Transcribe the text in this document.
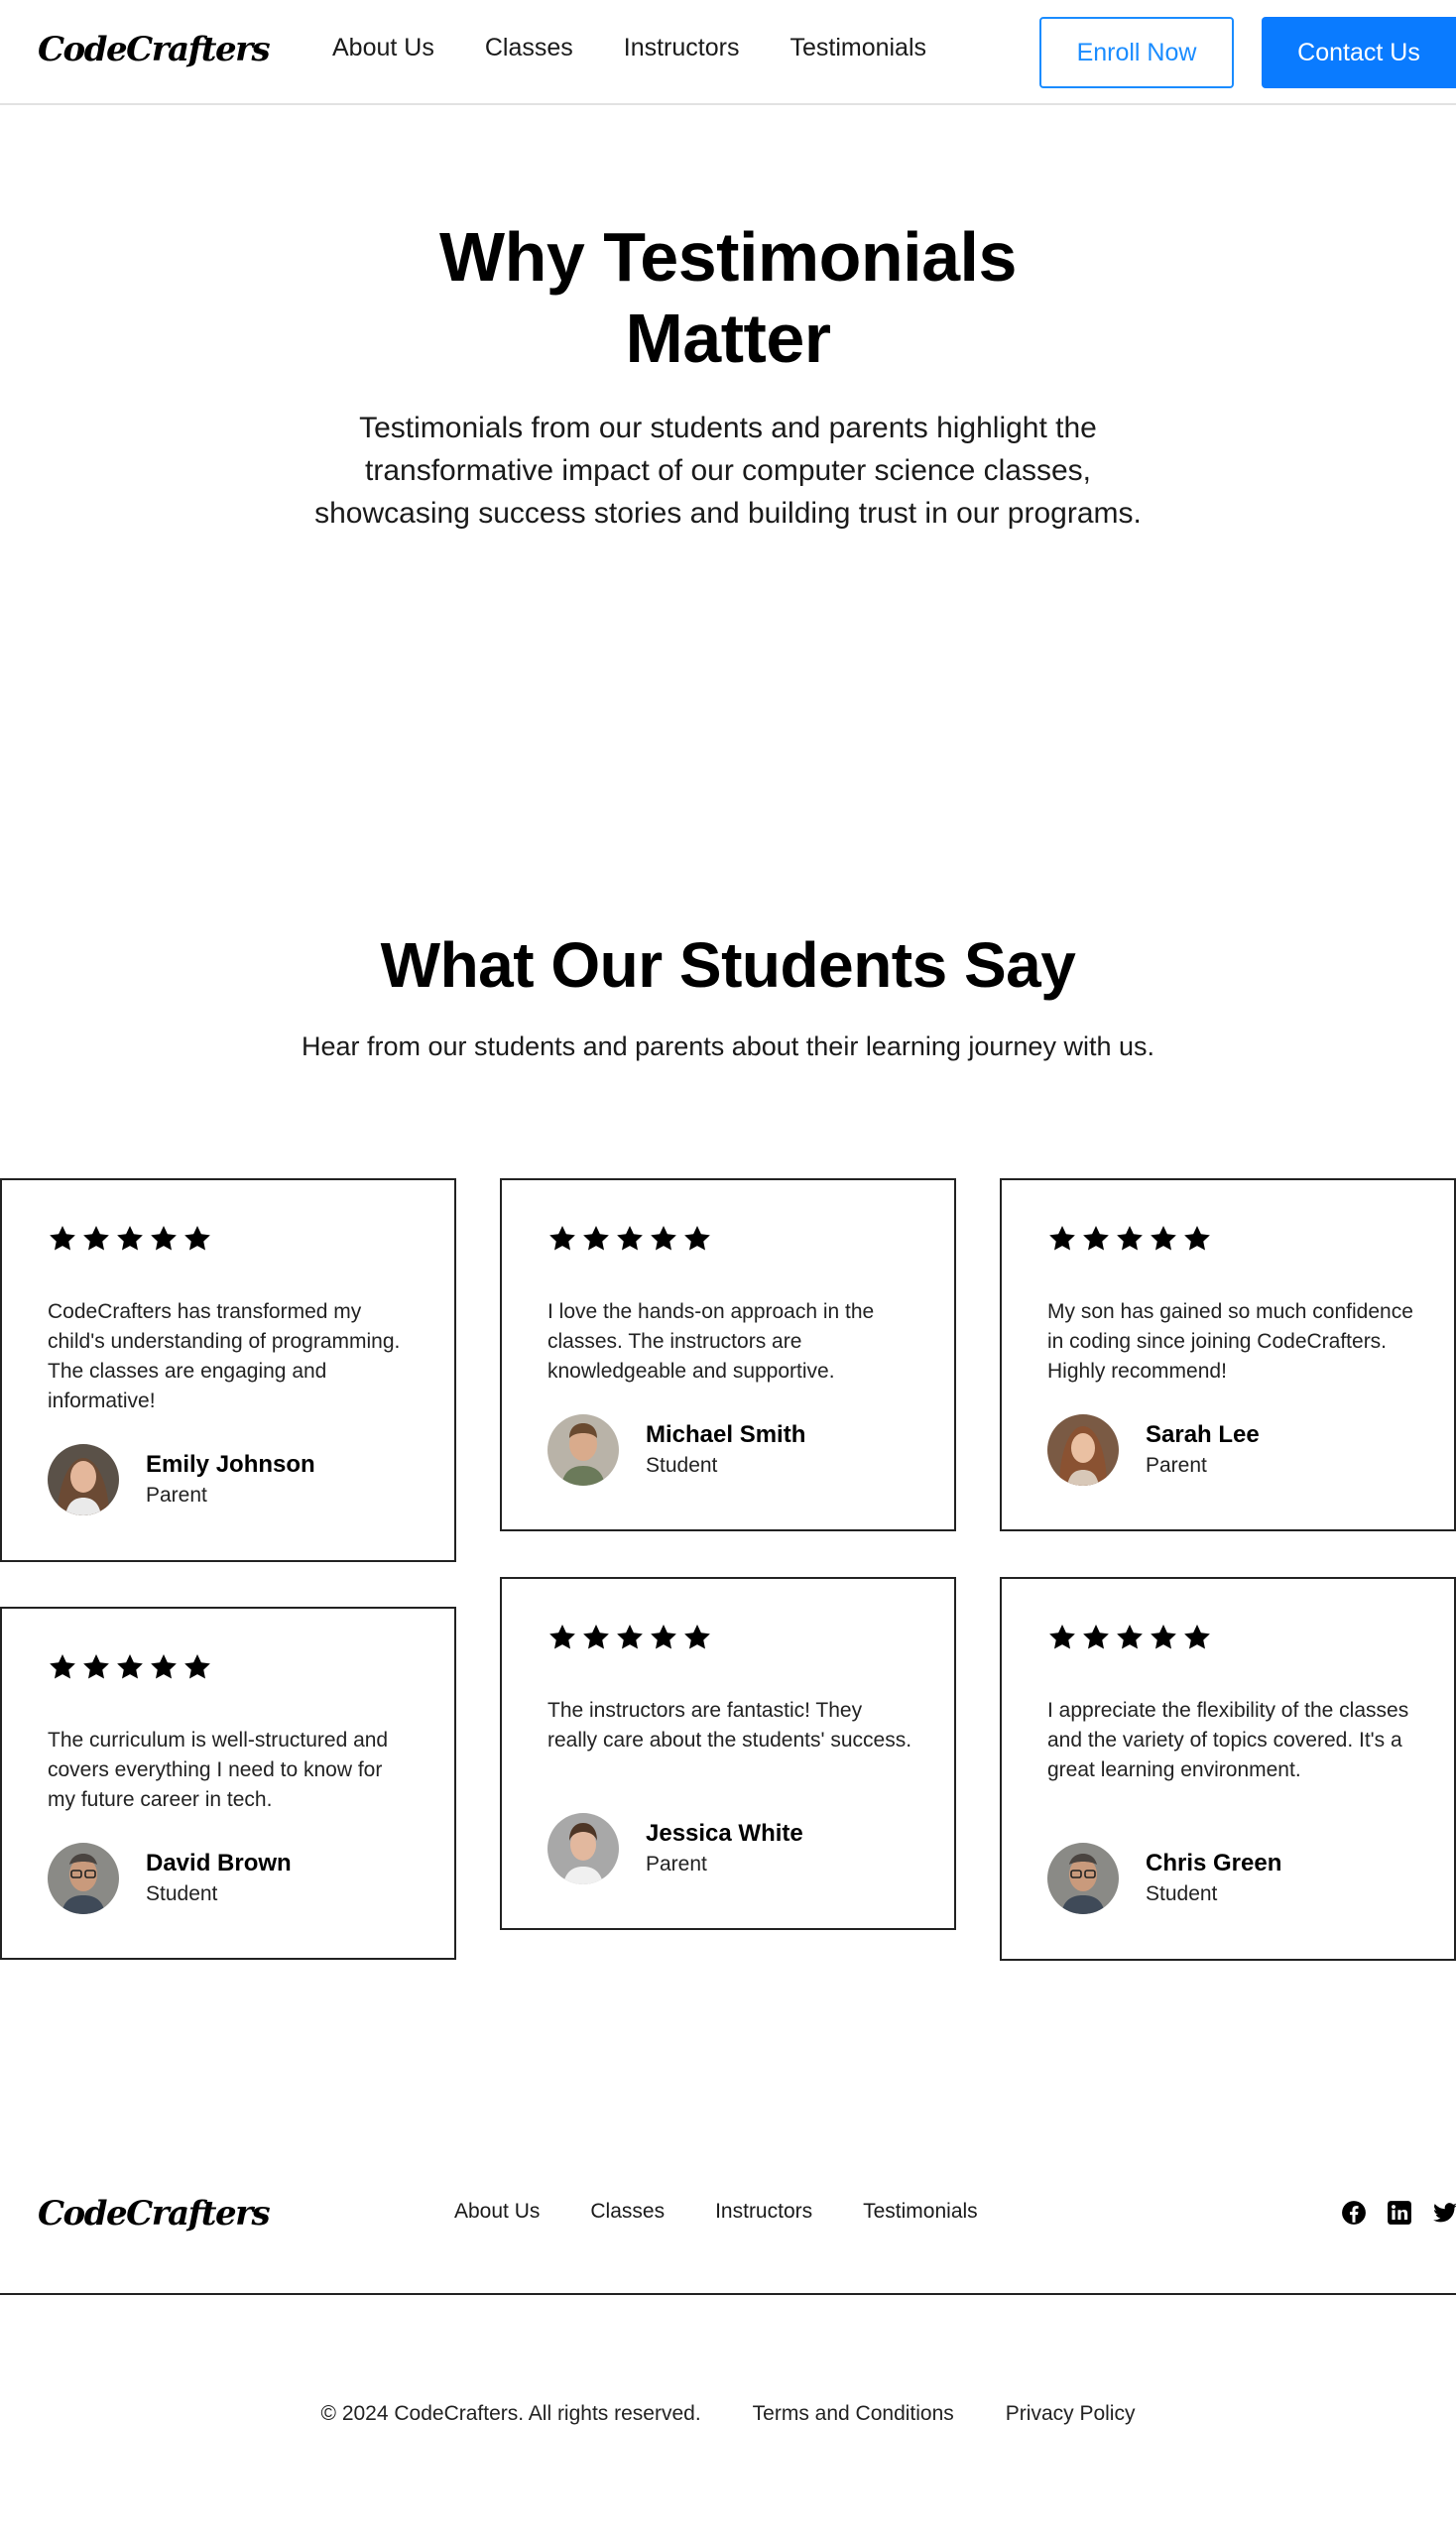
CodeCrafters	About Us Classes Instructors Testimonials	Enroll Now	Contact Us
Why Testimonials Matter

Testimonials from our students and parents highlight the transformative impact of our computer science classes, showcasing success stories and building trust in our programs.

What Our Students Say

Hear from our students and parents about their learning journey with us.

CodeCrafters has transformed my child's understanding of programming. The classes are engaging and informative!

Emily Johnson
Parent

I love the hands-on approach in the classes. The instructors are knowledgeable and supportive.

Michael Smith
Student

My son has gained so much confidence in coding since joining CodeCrafters. Highly recommend!

Sarah Lee
Parent

The curriculum is well-structured and covers everything I need to know for my future career in tech.

David Brown
Student

The instructors are fantastic! They really care about the students' success.

Jessica White
Parent

I appreciate the flexibility of the classes and the variety of topics covered. It's a great learning environment.

Chris Green
Student
CodeCrafters	About Us Classes Instructors Testimonials
© 2024 CodeCrafters. All rights reserved. Terms and Conditions Privacy Policy
